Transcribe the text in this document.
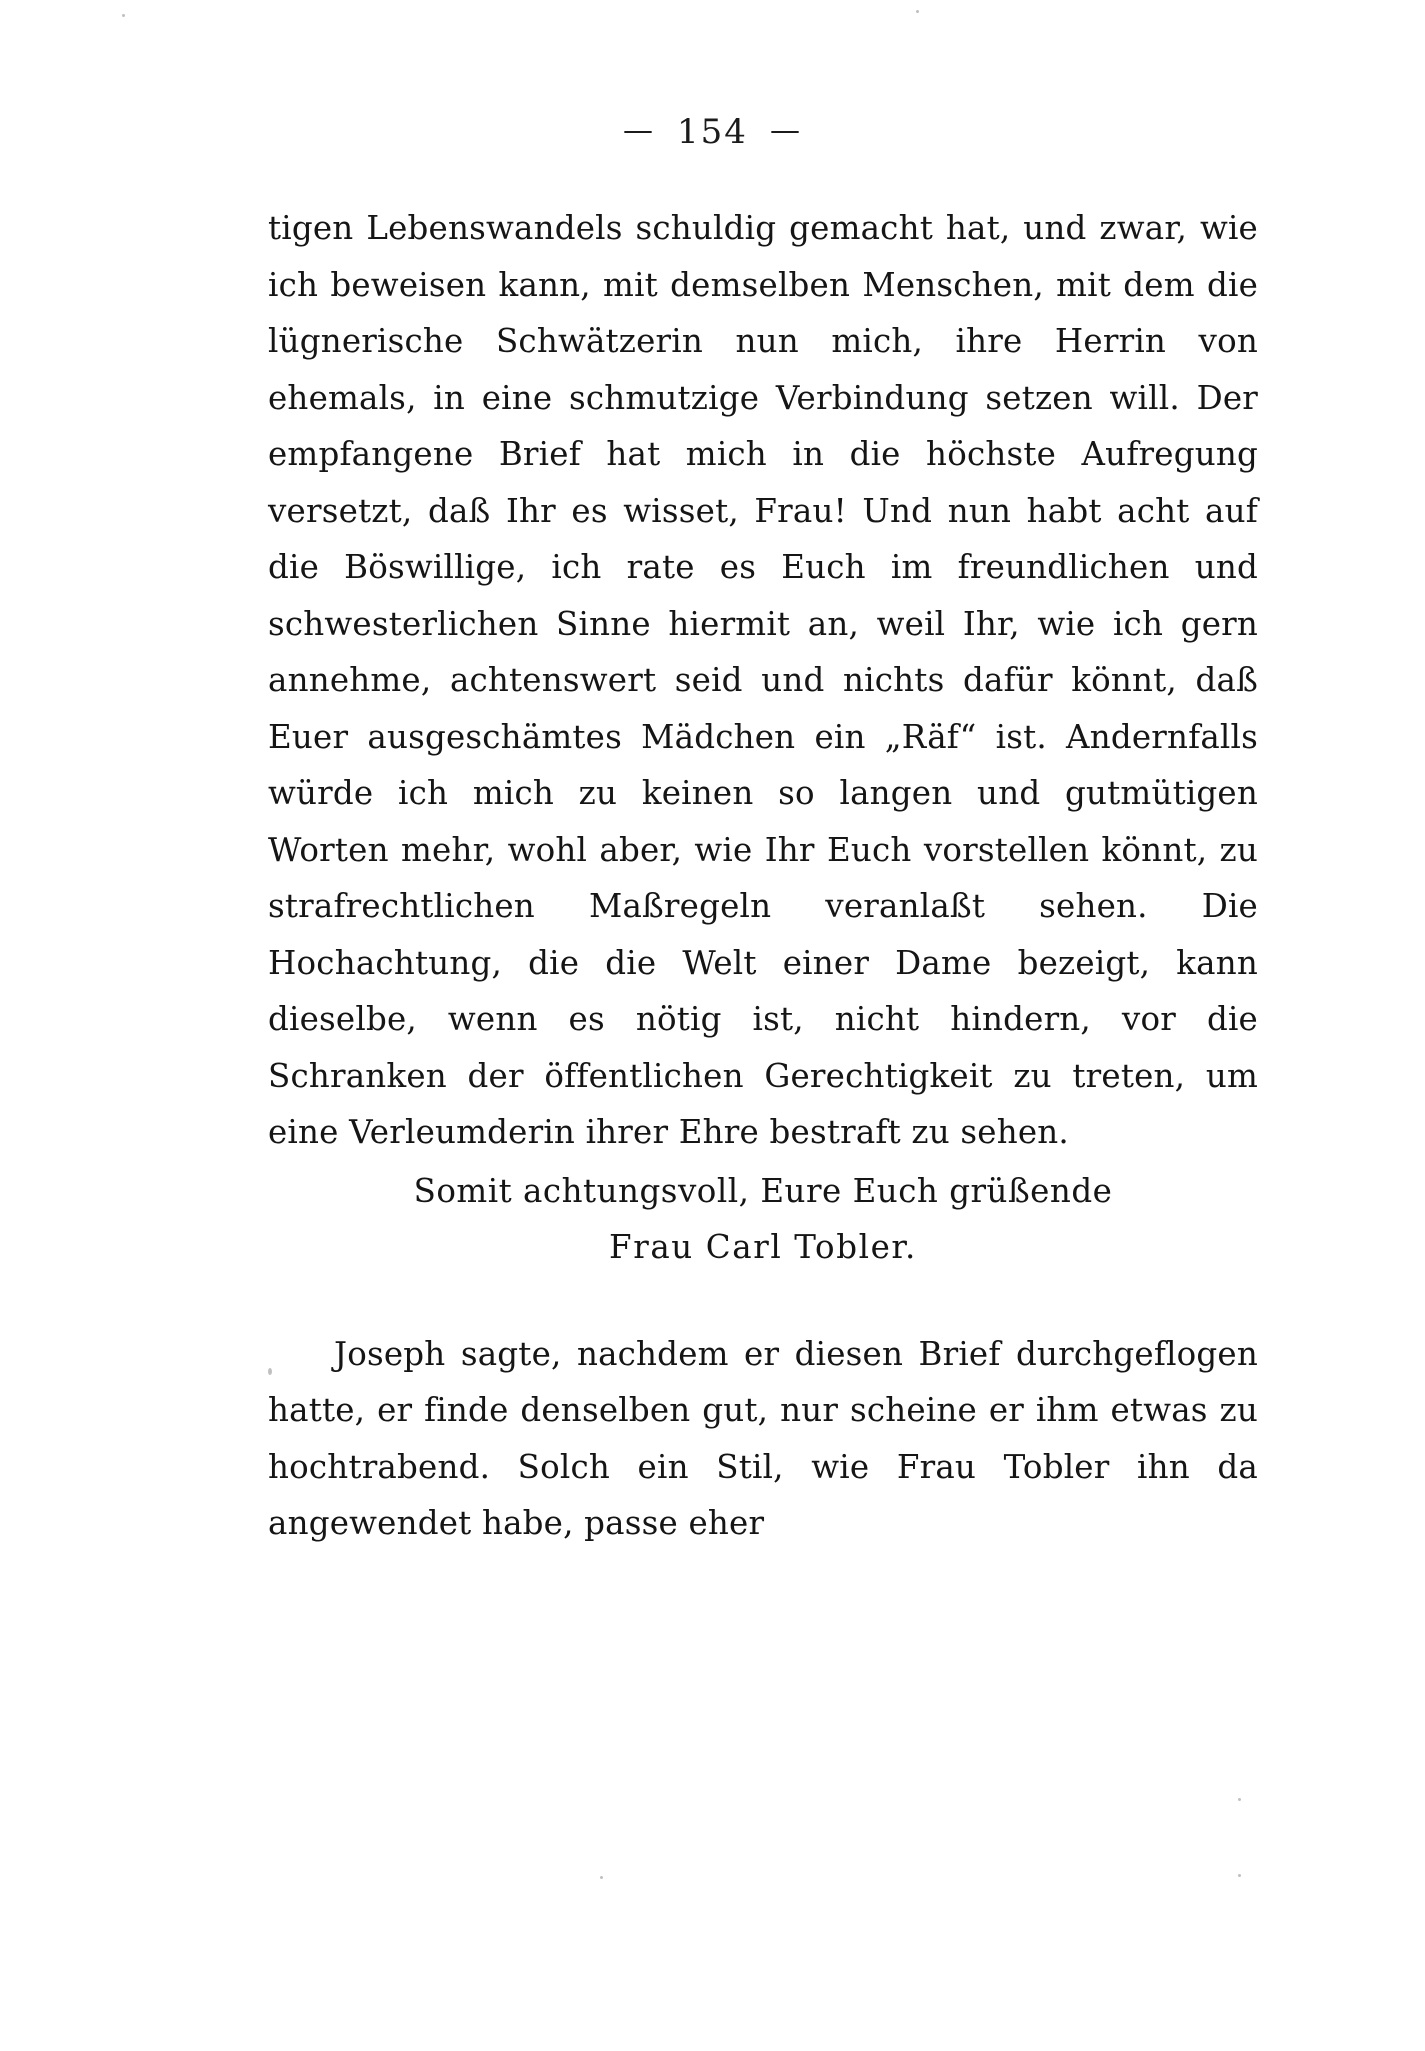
— 154 —

tigen Lebenswandels schuldig gemacht hat, und zwar, wie ich beweisen kann, mit demselben Menschen, mit dem die lügnerische Schwätzerin nun mich, ihre Herrin von ehemals, in eine schmutzige Verbindung setzen will. Der empfangene Brief hat mich in die höchste Aufregung versetzt, daß Ihr es wisset, Frau! Und nun habt acht auf die Böswillige, ich rate es Euch im freundlichen und schwesterlichen Sinne hiermit an, weil Ihr, wie ich gern annehme, achtenswert seid und nichts dafür könnt, daß Euer ausgeschämtes Mädchen ein „Räf“ ist. Andernfalls würde ich mich zu keinen so langen und gutmütigen Worten mehr, wohl aber, wie Ihr Euch vorstellen könnt, zu strafrechtlichen Maßregeln veranlaßt sehen. Die Hochachtung, die die Welt einer Dame bezeigt, kann dieselbe, wenn es nötig ist, nicht hindern, vor die Schranken der öffentlichen Gerechtigkeit zu treten, um eine Verleumderin ihrer Ehre bestraft zu sehen.

Somit achtungsvoll, Eure Euch grüßende
Frau Carl Tobler.

Joseph sagte, nachdem er diesen Brief durchgeflogen hatte, er finde denselben gut, nur scheine er ihm etwas zu hochtrabend. Solch ein Stil, wie Frau Tobler ihn da angewendet habe, passe eher
